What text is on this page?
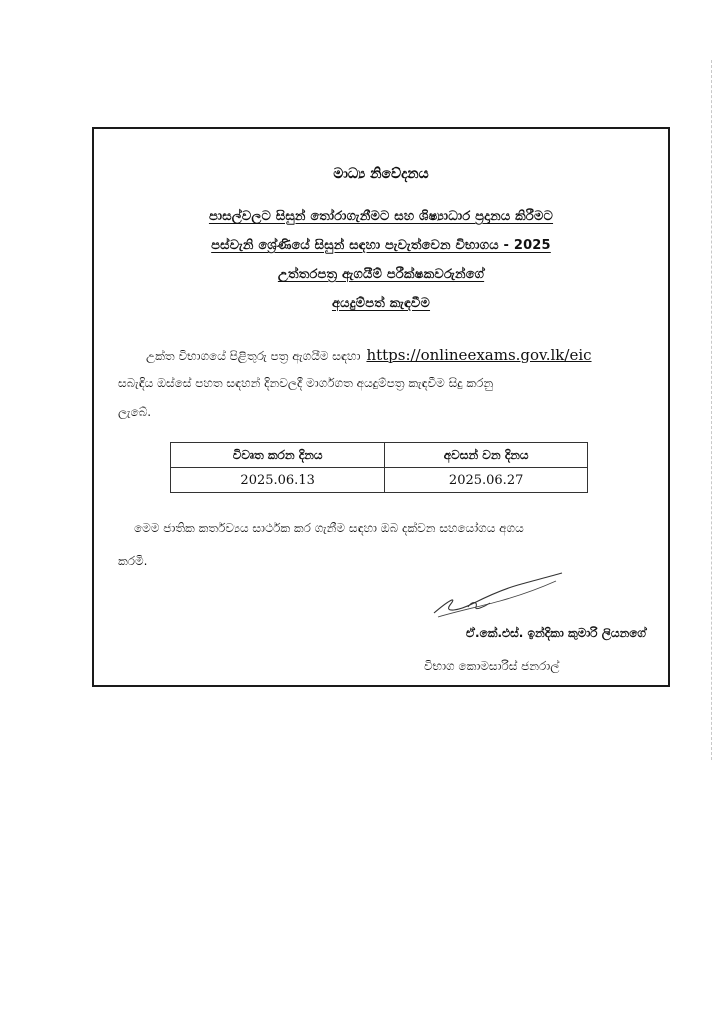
මාධ්‍ය නිවේදනය
පාසල්වලට සිසුන් තෝරාගැනීමට සහ ශිෂ්‍යාධාර ප්‍රදානය කිරීමට
පස්වැනි ශ්‍රේණියේ සිසුන් සඳහා පැවැත්වෙන විභාගය - 2025
උත්තරපත්‍ර ඇගයීම් පරීක්ෂකවරුන්ගේ
අයදුම්පත් කැඳවීම
උක්ත විභාගයේ පිළිතුරු පත්‍ර ඇගයීම සඳහා https://onlineexams.gov.lk/eic
සබැඳිය ඔස්සේ පහත සඳහන් දිනවලදී මාර්ගගත අයදුම්පත්‍ර කැඳවීම සිදු කරනු
ලැබේ.
විවෘත කරන දිනය	අවසන් වන දිනය
2025.06.13	2025.06.27
මෙම ජාතික කර්තව්‍යය සාර්ථක කර ගැනීම සඳහා ඔබ දක්වන සහයෝගය අගය
කරමි.
ඒ.කේ.එස්. ඉන්දිකා කුමාරි ලියනගේ
විභාග කොමසාරිස් ජනරාල්
